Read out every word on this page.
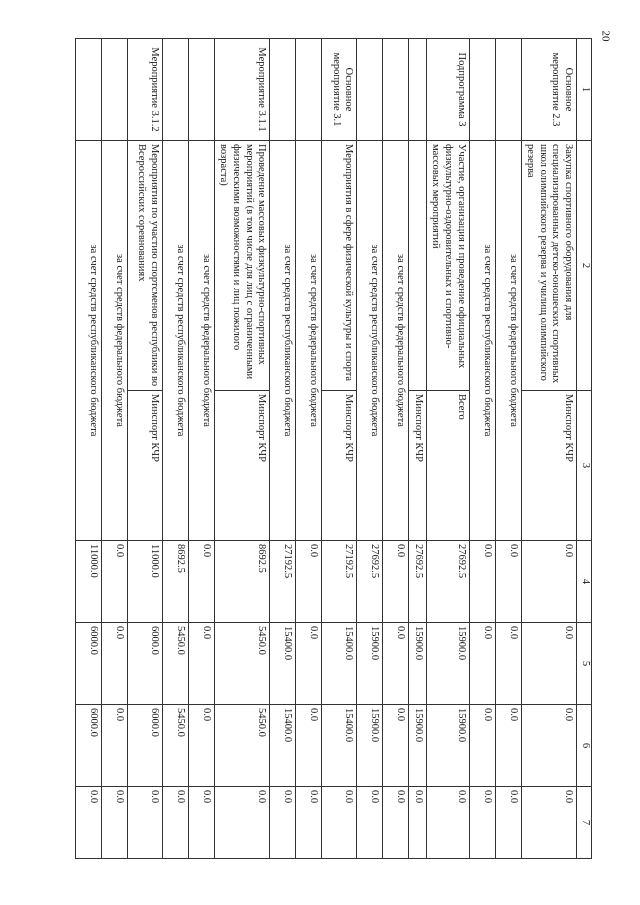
20
1	2	3	4	5	6	7
Основное мероприятие 2.3	Закупка спортивного оборудования для специализированных детско-юношеских спортивных школ олимпийского резерва и училищ олимпийского резерва	Минспорт КЧР	0.0	0.0	0.0	0.0
	за счет средств федерального бюджета		0.0	0.0	0.0	0.0
	за счет средств республиканского бюджета		0.0	0.0	0.0	0.0
Подпрограмма 3	Участие, организация и проведение официальных физкультурно-оздоровительных и спортивно-массовых мероприятий	Всего	27692.5	15900.0	15900.0	0.0
		Минспорт КЧР	27692.5	15900.0	15900.0	0.0
	за счет средств федерального бюджета		0.0	0.0	0.0	0.0
	за счет средств республиканского бюджета		27692.5	15900.0	15900.0	0.0
Основное мероприятие 3.1	Мероприятия в сфере физической культуры и спорта	Минспорт КЧР	27192.5	15400.0	15400.0	0.0
	за счет средств федерального бюджета		0.0	0.0	0.0	0.0
	за счет средств республиканского бюджета		27192.5	15400.0	15400.0	0.0
Мероприятие 3.1.1	Проведение массовых физкультурно-спортивных мероприятий (в том числе для лиц с ограниченными физическими возможностями и лиц пожилого возраста)	Минспорт КЧР	8692.5	5450.0	5450.0	0.0
	за счет средств федерального бюджета		0.0	0.0	0.0	0.0
	за счет средств республиканского бюджета		8692.5	5450.0	5450.0	0.0
Мероприятие 3.1.2	Мероприятия по участию спортсменов республики во Всероссийских соревнованиях	Минспорт КЧР	11000.0	6000.0	6000.0	0.0
	за счет средств федерального бюджета		0.0	0.0	0.0	0.0
	за счет средств республиканского бюджета		11000.0	6000.0	6000.0	0.0
